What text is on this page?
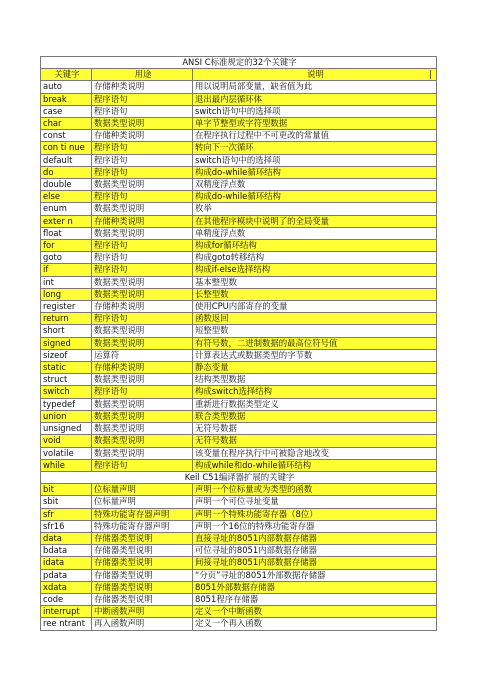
ANSI C标准规定的32个关键字		
关键字	用途	说明 |

auto	存储种类说明	用以说明局部变量，缺省值为此
break	程序语句	退出最内层循环体
case	程序语句	switch语句中的选择项
char	数据类型说明	单字节整型或字符型数据
const	存储种类说明	在程序执行过程中不可更改的常量值
con ti nue	程序语句	转向下一次循环
default	程序语句	switch语句中的选择项
do	程序语句	构成do-while循环结构
double	数据类型说明	双精度浮点数
else	程序语句	构成do-while循环结构
enum	数据类型说明	枚举
exter n	存储种类说明	在其他程序模块中说明了的全局变量
float	数据类型说明	单精度浮点数
for	程序语句	构成for循环结构
goto	程序语句	构成goto转移结构
if	程序语句	构成if-else选择结构
int	数据类型说明	基本整型数
long	数据类型说明	长整型数
register	存储种类说明	使用CPU内部寄存的变量
return	程序语句	函数返回
short	数据类型说明	短整型数
signed	数据类型说明	有符号数，二进制数据的最高位符号值
sizeof	运算符	计算表达式或数据类型的字节数
static	存储种类说明	静态变量
struct	数据类型说明	结构类型数据
switch	程序语句	构成switch选择结构
typedef	数据类型说明	重新进行数据类型定义
union	数据类型说明	联合类型数据
unsigned	数据类型说明	无符号数据
void	数据类型说明	无符号数据
volatile	数据类型说明	该变量在程序执行中可被隐含地改变
while	程序语句	构成while和do-while循环结构
Keil C51编译器扩展的关键字		
bit	位标量声明	声明一个位标量或为类型的函数
sbit	位标量声明	声明一个可位寻址变量
sfr	特殊功能寄存器声明	声明一个特殊功能寄存器（8位）
sfr16	特殊功能寄存器声明	声明一个16位的特殊功能寄存器
data	存储器类型说明	直接寻址的8051内部数据存储器
bdata	存储器类型说明	可位寻址的8051内部数据存储器
idata	存储器类型说明	间接寻址的8051内部数据存储器
pdata	存储器类型说明	“分页”寻址的8051外部数据存储器
xdata	存储器类型说明	8051外部数据存储器
code	存储器类型说明	8051程序存储器
interrupt	中断函数声明	定义一个中断函数
ree ntrant	再入函数声明	定义一个再入函数
